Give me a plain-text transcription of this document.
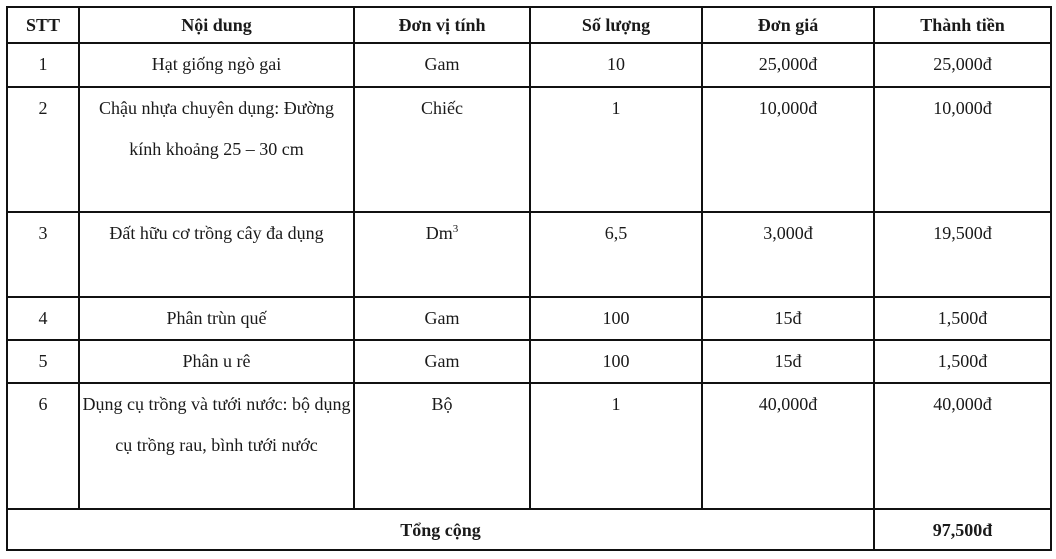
STT	Nội dung	Đơn vị tính	Số lượng	Đơn giá	Thành tiền
1	Hạt giống ngò gai	Gam	10	25,000đ	25,000đ
2	Chậu nhựa chuyên dụng: Đường kính khoảng 25 – 30 cm	Chiếc	1	10,000đ	10,000đ
3	Đất hữu cơ trồng cây đa dụng	Dm$^3$	6,5	3,000đ	19,500đ
4	Phân trùn quế	Gam	100	15đ	1,500đ
5	Phân u rê	Gam	100	15đ	1,500đ
6	Dụng cụ trồng và tưới nước: bộ dụng cụ trồng rau, bình tưới nước	Bộ	1	40,000đ	40,000đ
Tổng cộng					97,500đ
